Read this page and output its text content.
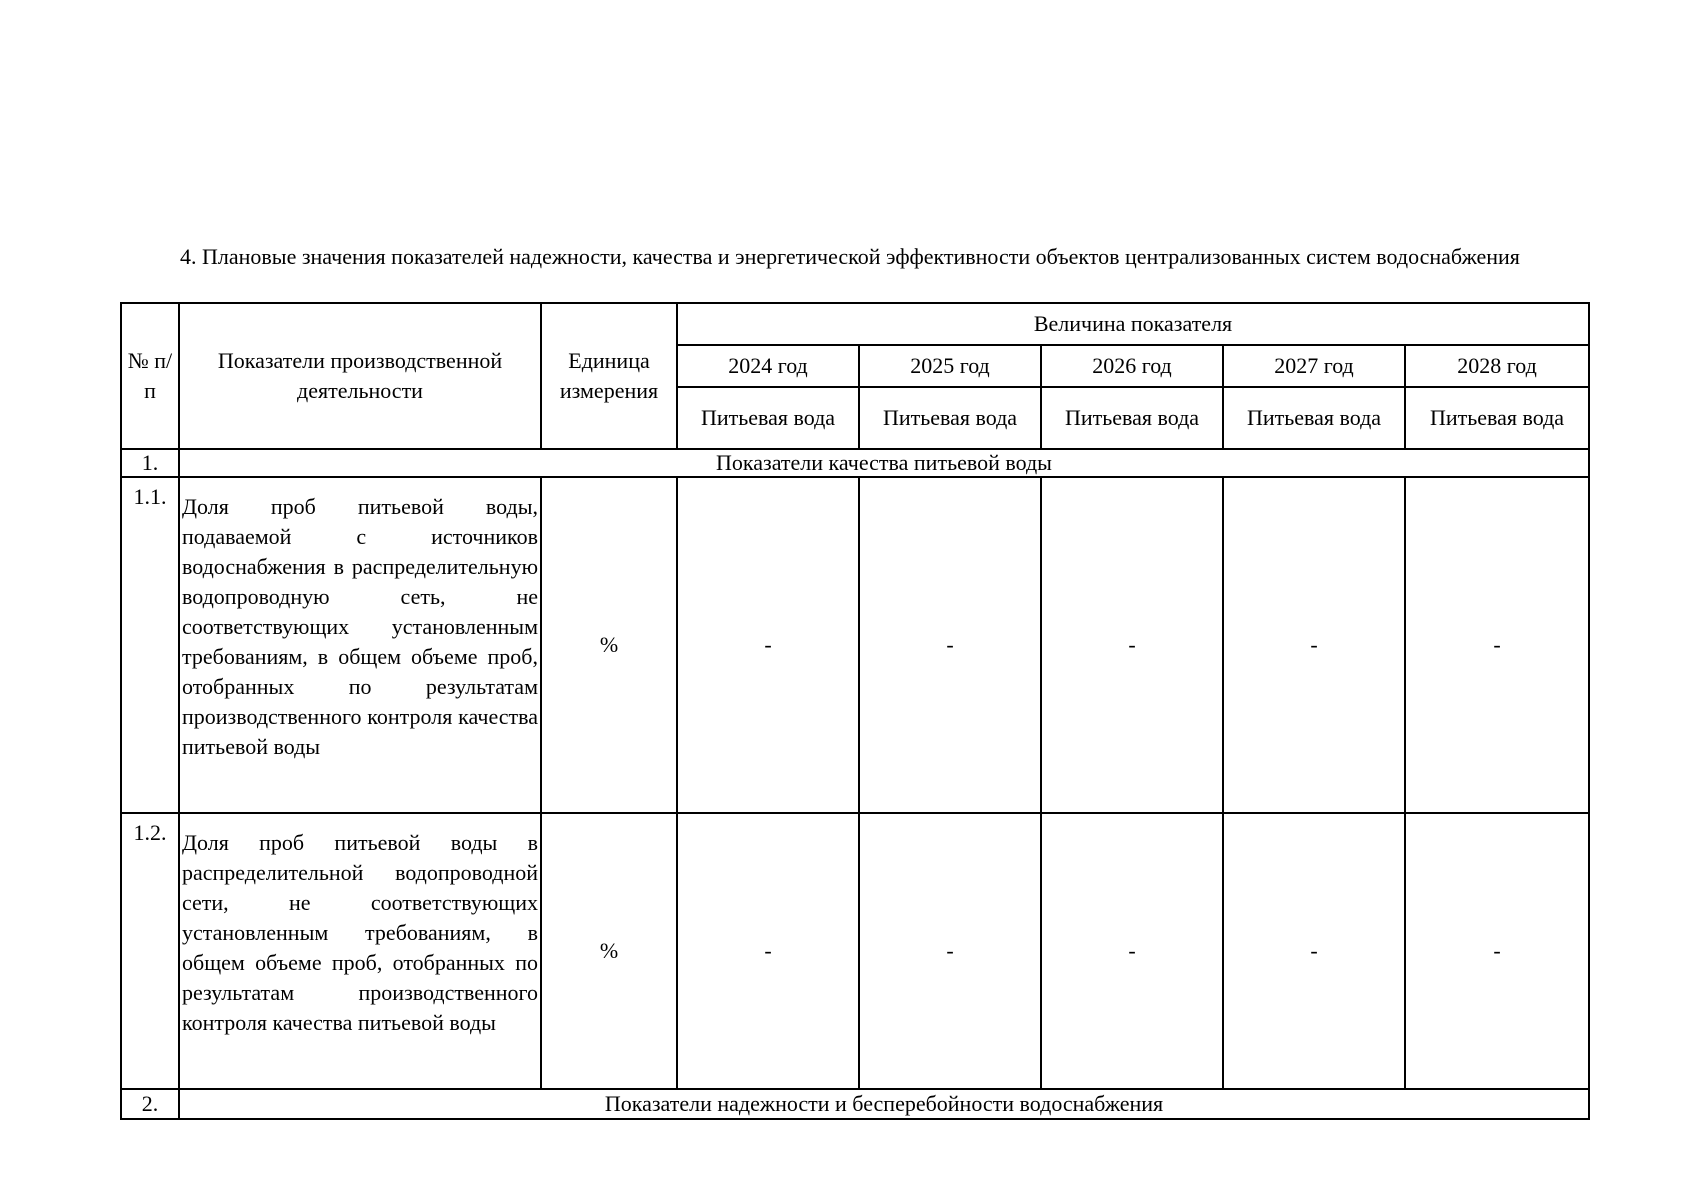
4. Плановые значения показателей надежности, качества и энергетической эффективности объектов централизованных систем водоснабжения
№ п/п	Показатели производственной деятельности	Единица измерения	Величина показателя				
			2024 год	2025 год	2026 год	2027 год	2028 год
			Питьевая вода	Питьевая вода	Питьевая вода	Питьевая вода	Питьевая вода
1.	Показатели качества питьевой воды						
1.1.	Доля проб питьевой воды, подаваемой с источников водоснабжения в распределительную водопроводную сеть, не соответствующих установленным требованиям, в общем объеме проб, отобранных по результатам производственного контроля качества питьевой воды	%	-	-	-	-	-
1.2.	Доля проб питьевой воды в распределительной водопроводной сети, не соответствующих установленным требованиям, в общем объеме проб, отобранных по результатам производственного контроля качества питьевой воды	%	-	-	-	-	-
2.	Показатели надежности и бесперебойности водоснабжения						
